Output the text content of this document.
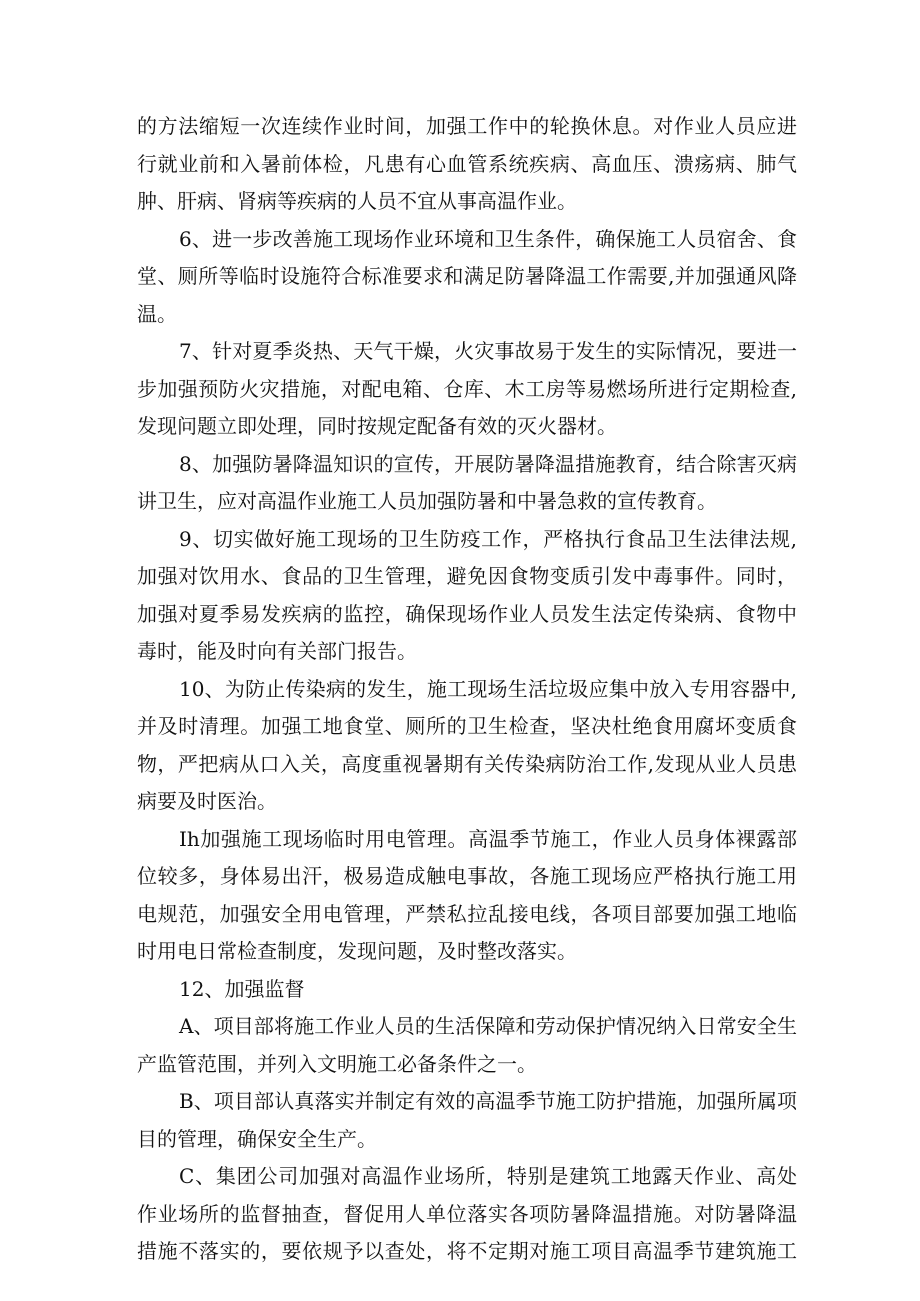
的方法缩短一次连续作业时间，加强工作中的轮换休息。对作业人员应进
行就业前和入暑前体检，凡患有心血管系统疾病、高血压、溃疡病、肺气
肿、肝病、肾病等疾病的人员不宜从事高温作业。
6、进一步改善施工现场作业环境和卫生条件，确保施工人员宿舍、食
堂、厕所等临时设施符合标准要求和满足防暑降温工作需要,并加强通风降
温。
7、针对夏季炎热、天气干燥，火灾事故易于发生的实际情况，要进一
步加强预防火灾措施，对配电箱、仓库、木工房等易燃场所进行定期检查,
发现问题立即处理，同时按规定配备有效的灭火器材。
8、加强防暑降温知识的宣传，开展防暑降温措施教育，结合除害灭病
讲卫生，应对高温作业施工人员加强防暑和中暑急救的宣传教育。
9、切实做好施工现场的卫生防疫工作，严格执行食品卫生法律法规,
加强对饮用水、食品的卫生管理，避免因食物变质引发中毒事件。同时，
加强对夏季易发疾病的监控，确保现场作业人员发生法定传染病、食物中
毒时，能及时向有关部门报告。
10、为防止传染病的发生，施工现场生活垃圾应集中放入专用容器中,
并及时清理。加强工地食堂、厕所的卫生检查，坚决杜绝食用腐坏变质食
物，严把病从口入关，高度重视暑期有关传染病防治工作,发现从业人员患
病要及时医治。
Ih加强施工现场临时用电管理。高温季节施工，作业人员身体裸露部
位较多，身体易出汗，极易造成触电事故，各施工现场应严格执行施工用
电规范，加强安全用电管理，严禁私拉乱接电线，各项目部要加强工地临
时用电日常检查制度，发现问题，及时整改落实。
12、加强监督
A、项目部将施工作业人员的生活保障和劳动保护情况纳入日常安全生
产监管范围，并列入文明施工必备条件之一。
B、项目部认真落实并制定有效的高温季节施工防护措施，加强所属项
目的管理，确保安全生产。
C、集团公司加强对高温作业场所，特别是建筑工地露天作业、高处
作业场所的监督抽查，督促用人单位落实各项防暑降温措施。对防暑降温
措施不落实的，要依规予以查处，将不定期对施工项目高温季节建筑施工
